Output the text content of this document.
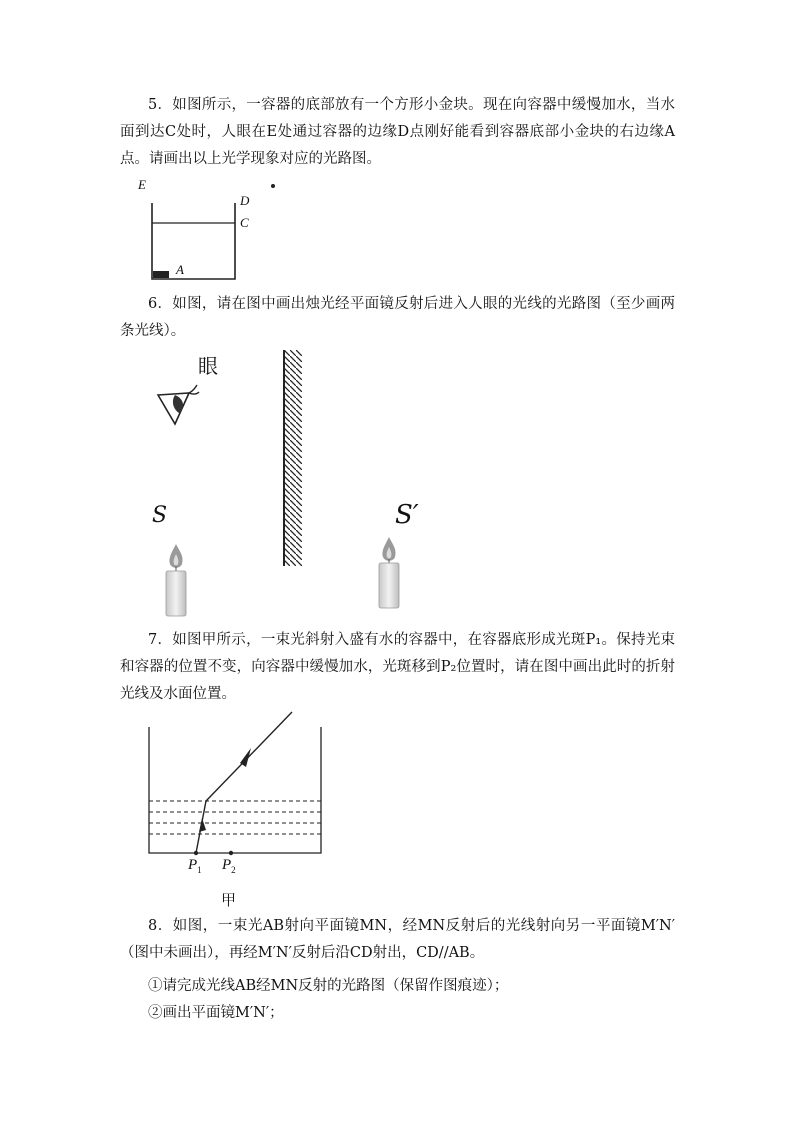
5．如图所示，一容器的底部放有一个方形小金块。现在向容器中缓慢加水，当水面到达C处时，人眼在E处通过容器的边缘D点刚好能看到容器底部小金块的右边缘A点。请画出以上光学现象对应的光路图。
E
D
C
A
6．如图，请在图中画出烛光经平面镜反射后进入人眼的光线的光路图（至少画两条光线）。
眼
S	S′
7．如图甲所示，一束光斜射入盛有水的容器中，在容器底形成光斑P₁。保持光束和容器的位置不变，向容器中缓慢加水，光斑移到P₂位置时，请在图中画出此时的折射光线及水面位置。
$P_1$ $P_2$
甲
8．如图，一束光AB射向平面镜MN，经MN反射后的光线射向另一平面镜M′N′（图中未画出），再经M′N′反射后沿CD射出，CD//AB。
①请完成光线AB经MN反射的光路图（保留作图痕迹）；
②画出平面镜M′N′；
